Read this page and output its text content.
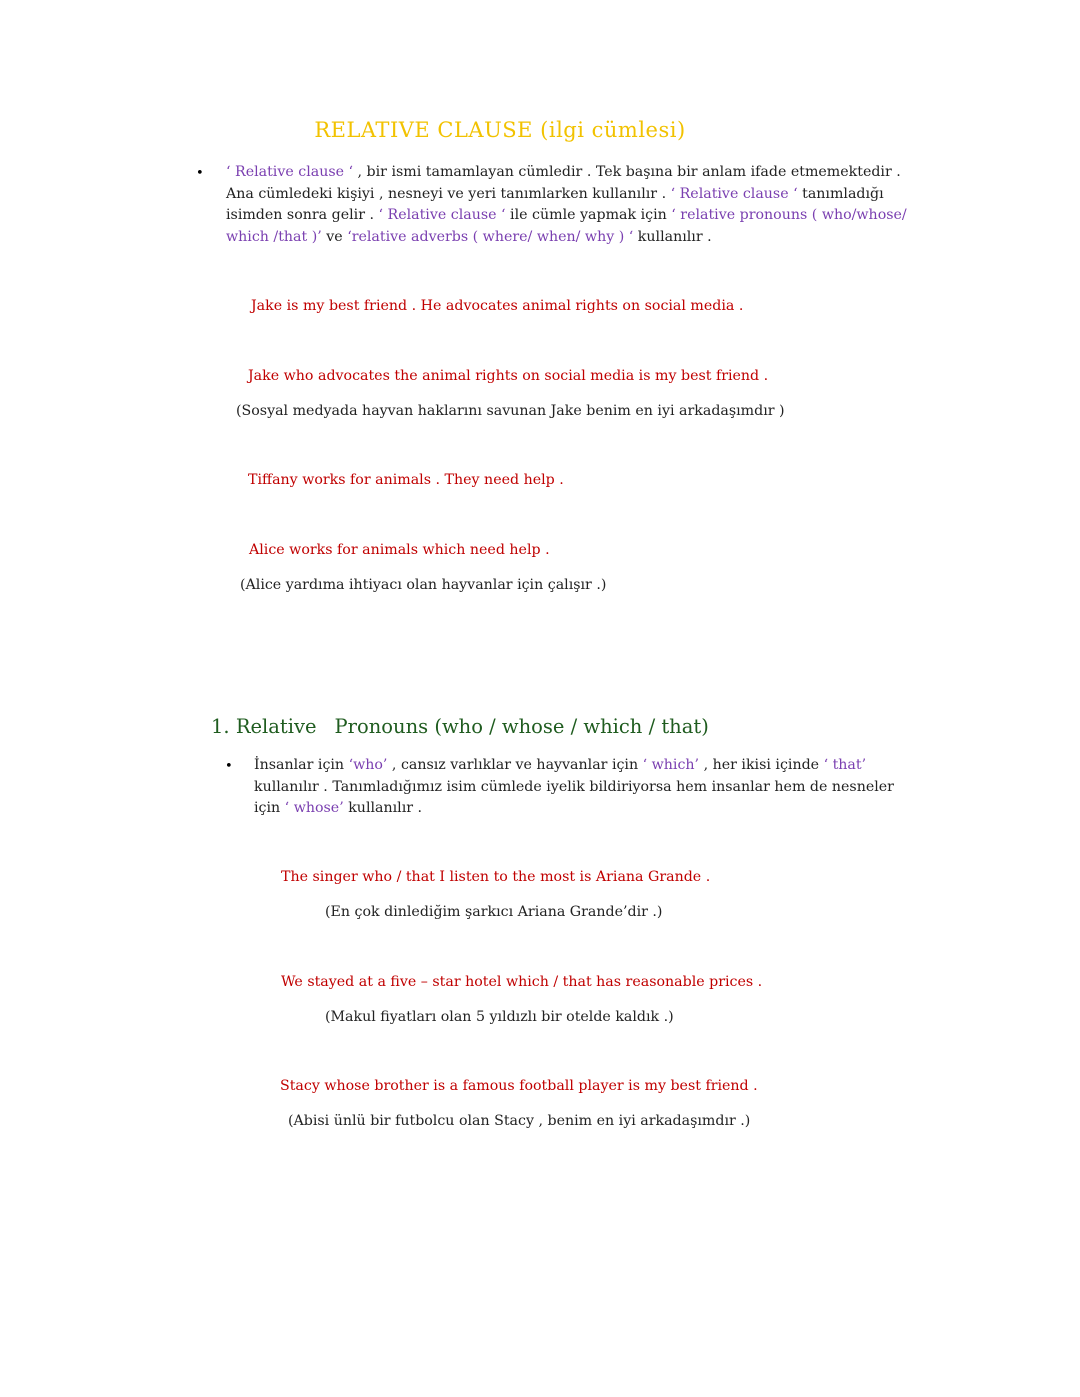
RELATIVE CLAUSE (ilgi cümlesi)
• ‘ Relative clause ‘ , bir ismi tamamlayan cümledir . Tek başına bir anlam ifade etmemektedir . Ana cümledeki kişiyi , nesneyi ve yeri tanımlarken kullanılır . ‘ Relative clause ‘ tanımladığı isimden sonra gelir . ‘ Relative clause ‘ ile cümle yapmak için ‘ relative pronouns ( who/whose/ which /that )’ ve ‘relative adverbs ( where/ when/ why ) ‘ kullanılır .
Jake is my best friend . He advocates animal rights on social media .
Jake who advocates the animal rights on social media is my best friend .
(Sosyal medyada hayvan haklarını savunan Jake benim en iyi arkadaşımdır )
Tiffany works for animals . They need help .
Alice works for animals which need help .
(Alice yardıma ihtiyacı olan hayvanlar için çalışır .)
1. Relative Pronouns (who / whose / which / that)
• İnsanlar için ‘who’ , cansız varlıklar ve hayvanlar için ‘ which’ , her ikisi içinde ‘ that’ kullanılır . Tanımladığımız isim cümlede iyelik bildiriyorsa hem insanlar hem de nesneler için ‘ whose’ kullanılır .
The singer who / that I listen to the most is Ariana Grande .
(En çok dinlediğim şarkıcı Ariana Grande’dir .)
We stayed at a five – star hotel which / that has reasonable prices .
(Makul fiyatları olan 5 yıldızlı bir otelde kaldık .)
Stacy whose brother is a famous football player is my best friend .
(Abisi ünlü bir futbolcu olan Stacy , benim en iyi arkadaşımdır .)
